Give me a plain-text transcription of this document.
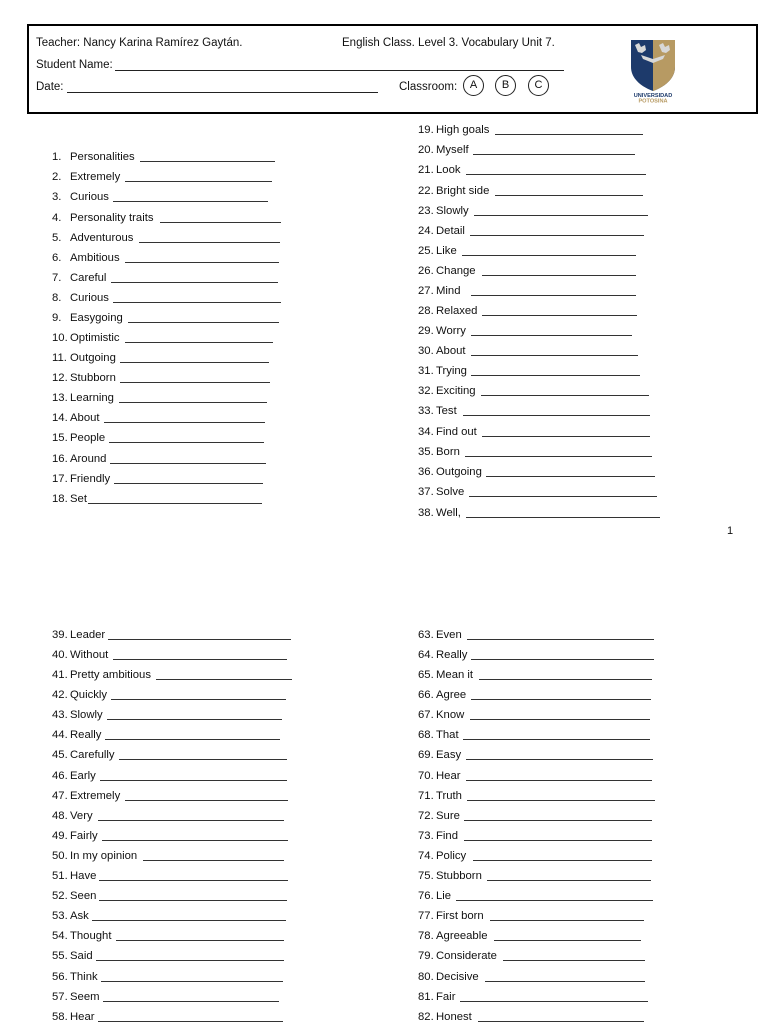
Teacher: Nancy Karina Ramírez Gaytán.	English Class. Level 3. Vocabulary Unit 7.
Student Name:
Date:	Classroom:	A	B	C
UNIVERSIDAD
POTOSINA
1. Personalities
2. Extremely
3. Curious
4. Personality traits
5. Adventurous
6. Ambitious
7. Careful
8. Curious
9. Easygoing
10. Optimistic
11. Outgoing
12. Stubborn
13. Learning
14. About
15. People
16. Around
17. Friendly
18. Set
19. High goals
20. Myself
21. Look
22. Bright side
23. Slowly
24. Detail
25. Like
26. Change
27. Mind
28. Relaxed
29. Worry
30. About
31. Trying
32. Exciting
33. Test
34. Find out
35. Born
36. Outgoing
37. Solve
38. Well,
1
39. Leader
40. Without
41. Pretty ambitious
42. Quickly
43. Slowly
44. Really
45. Carefully
46. Early
47. Extremely
48. Very
49. Fairly
50. In my opinion
51. Have
52. Seen
53. Ask
54. Thought
55. Said
56. Think
57. Seem
58. Hear
63. Even
64. Really
65. Mean it
66. Agree
67. Know
68. That
69. Easy
70. Hear
71. Truth
72. Sure
73. Find
74. Policy
75. Stubborn
76. Lie
77. First born
78. Agreeable
79. Considerate
80. Decisive
81. Fair
82. Honest
